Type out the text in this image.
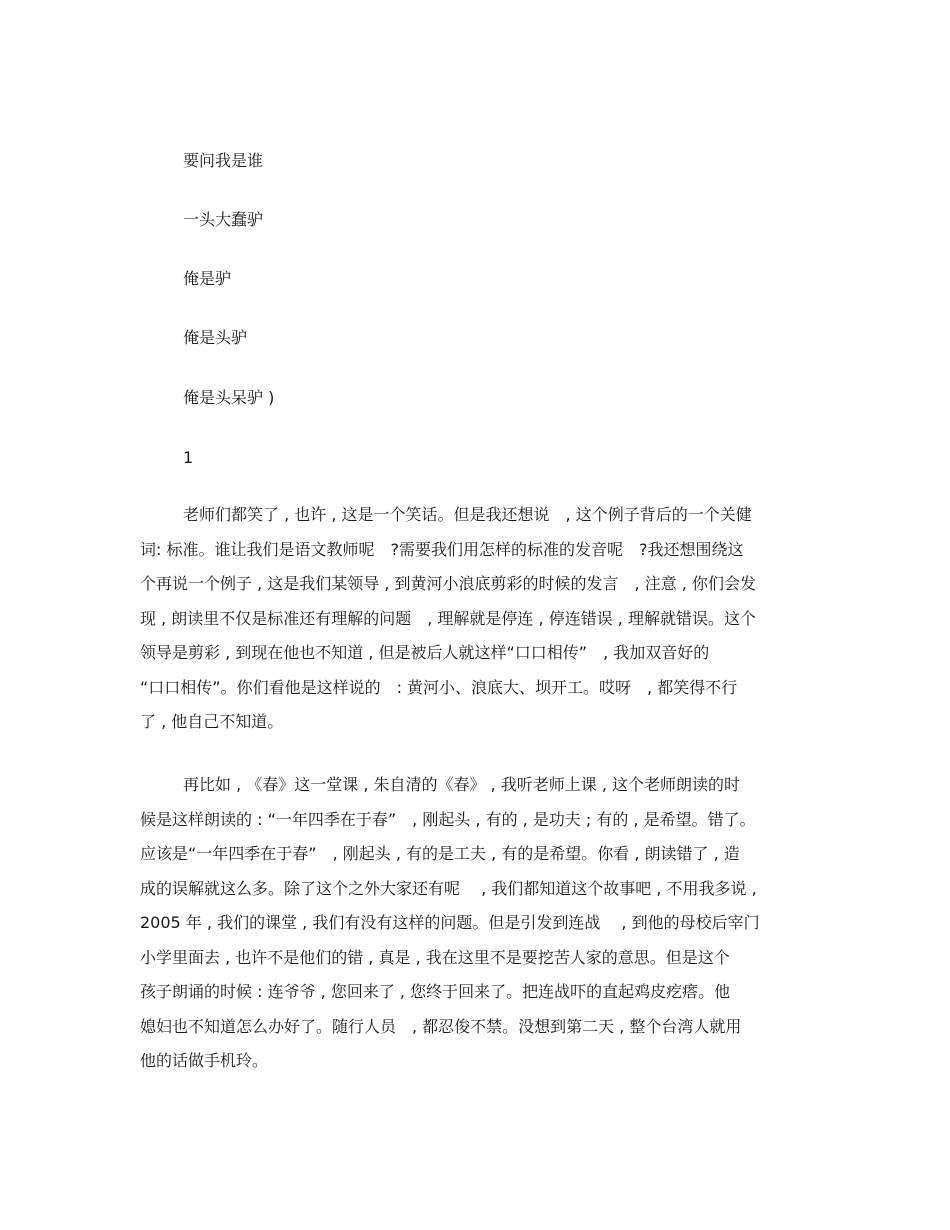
要问我是谁
一头大蠢驴
俺是驴
俺是头驴
俺是头呆驴 )
1
老师们都笑了 , 也许 , 这是一个笑话。但是我还想说　, 这个例子背后的一个关健
词: 标准。谁让我们是语文教师呢　?需要我们用怎样的标准的发音呢　?我还想围绕这
个再说一个例子 , 这是我们某领导 , 到黄河小浪底剪彩的时候的发言　, 注意 , 你们会发
现 , 朗读里不仅是标准还有理解的问题　, 理解就是停连 , 停连错误 , 理解就错误。这个
领导是剪彩 , 到现在他也不知道 , 但是被后人就这样“口口相传”　, 我加双音好的
“口口相传”。你们看他是这样说的　: 黄河小、浪底大、坝开工。哎呀　, 都笑得不行
了 , 他自己不知道。
再比如 , 《春》这一堂课 , 朱自清的《春》 , 我听老师上课 , 这个老师朗读的时
候是这样朗读的 : “一年四季在于春”　, 刚起头 , 有的 , 是功夫 ; 有的 , 是希望。错了。
应该是“一年四季在于春”　, 刚起头 , 有的是工夫 , 有的是希望。你看 , 朗读错了 , 造
成的误解就这么多。除了这个之外大家还有呢　 , 我们都知道这个故事吧 , 不用我多说 ,
2005 年 , 我们的课堂 , 我们有没有这样的问题。但是引发到连战　 , 到他的母校后宰门
小学里面去 , 也许不是他们的错 , 真是 , 我在这里不是要挖苦人家的意思。但是这个
孩子朗诵的时候 : 连爷爷 , 您回来了 , 您终于回来了。把连战吓的直起鸡皮疙瘩。他
媳妇也不知道怎么办好了。随行人员　, 都忍俊不禁。没想到第二天 , 整个台湾人就用
他的话做手机玲。
